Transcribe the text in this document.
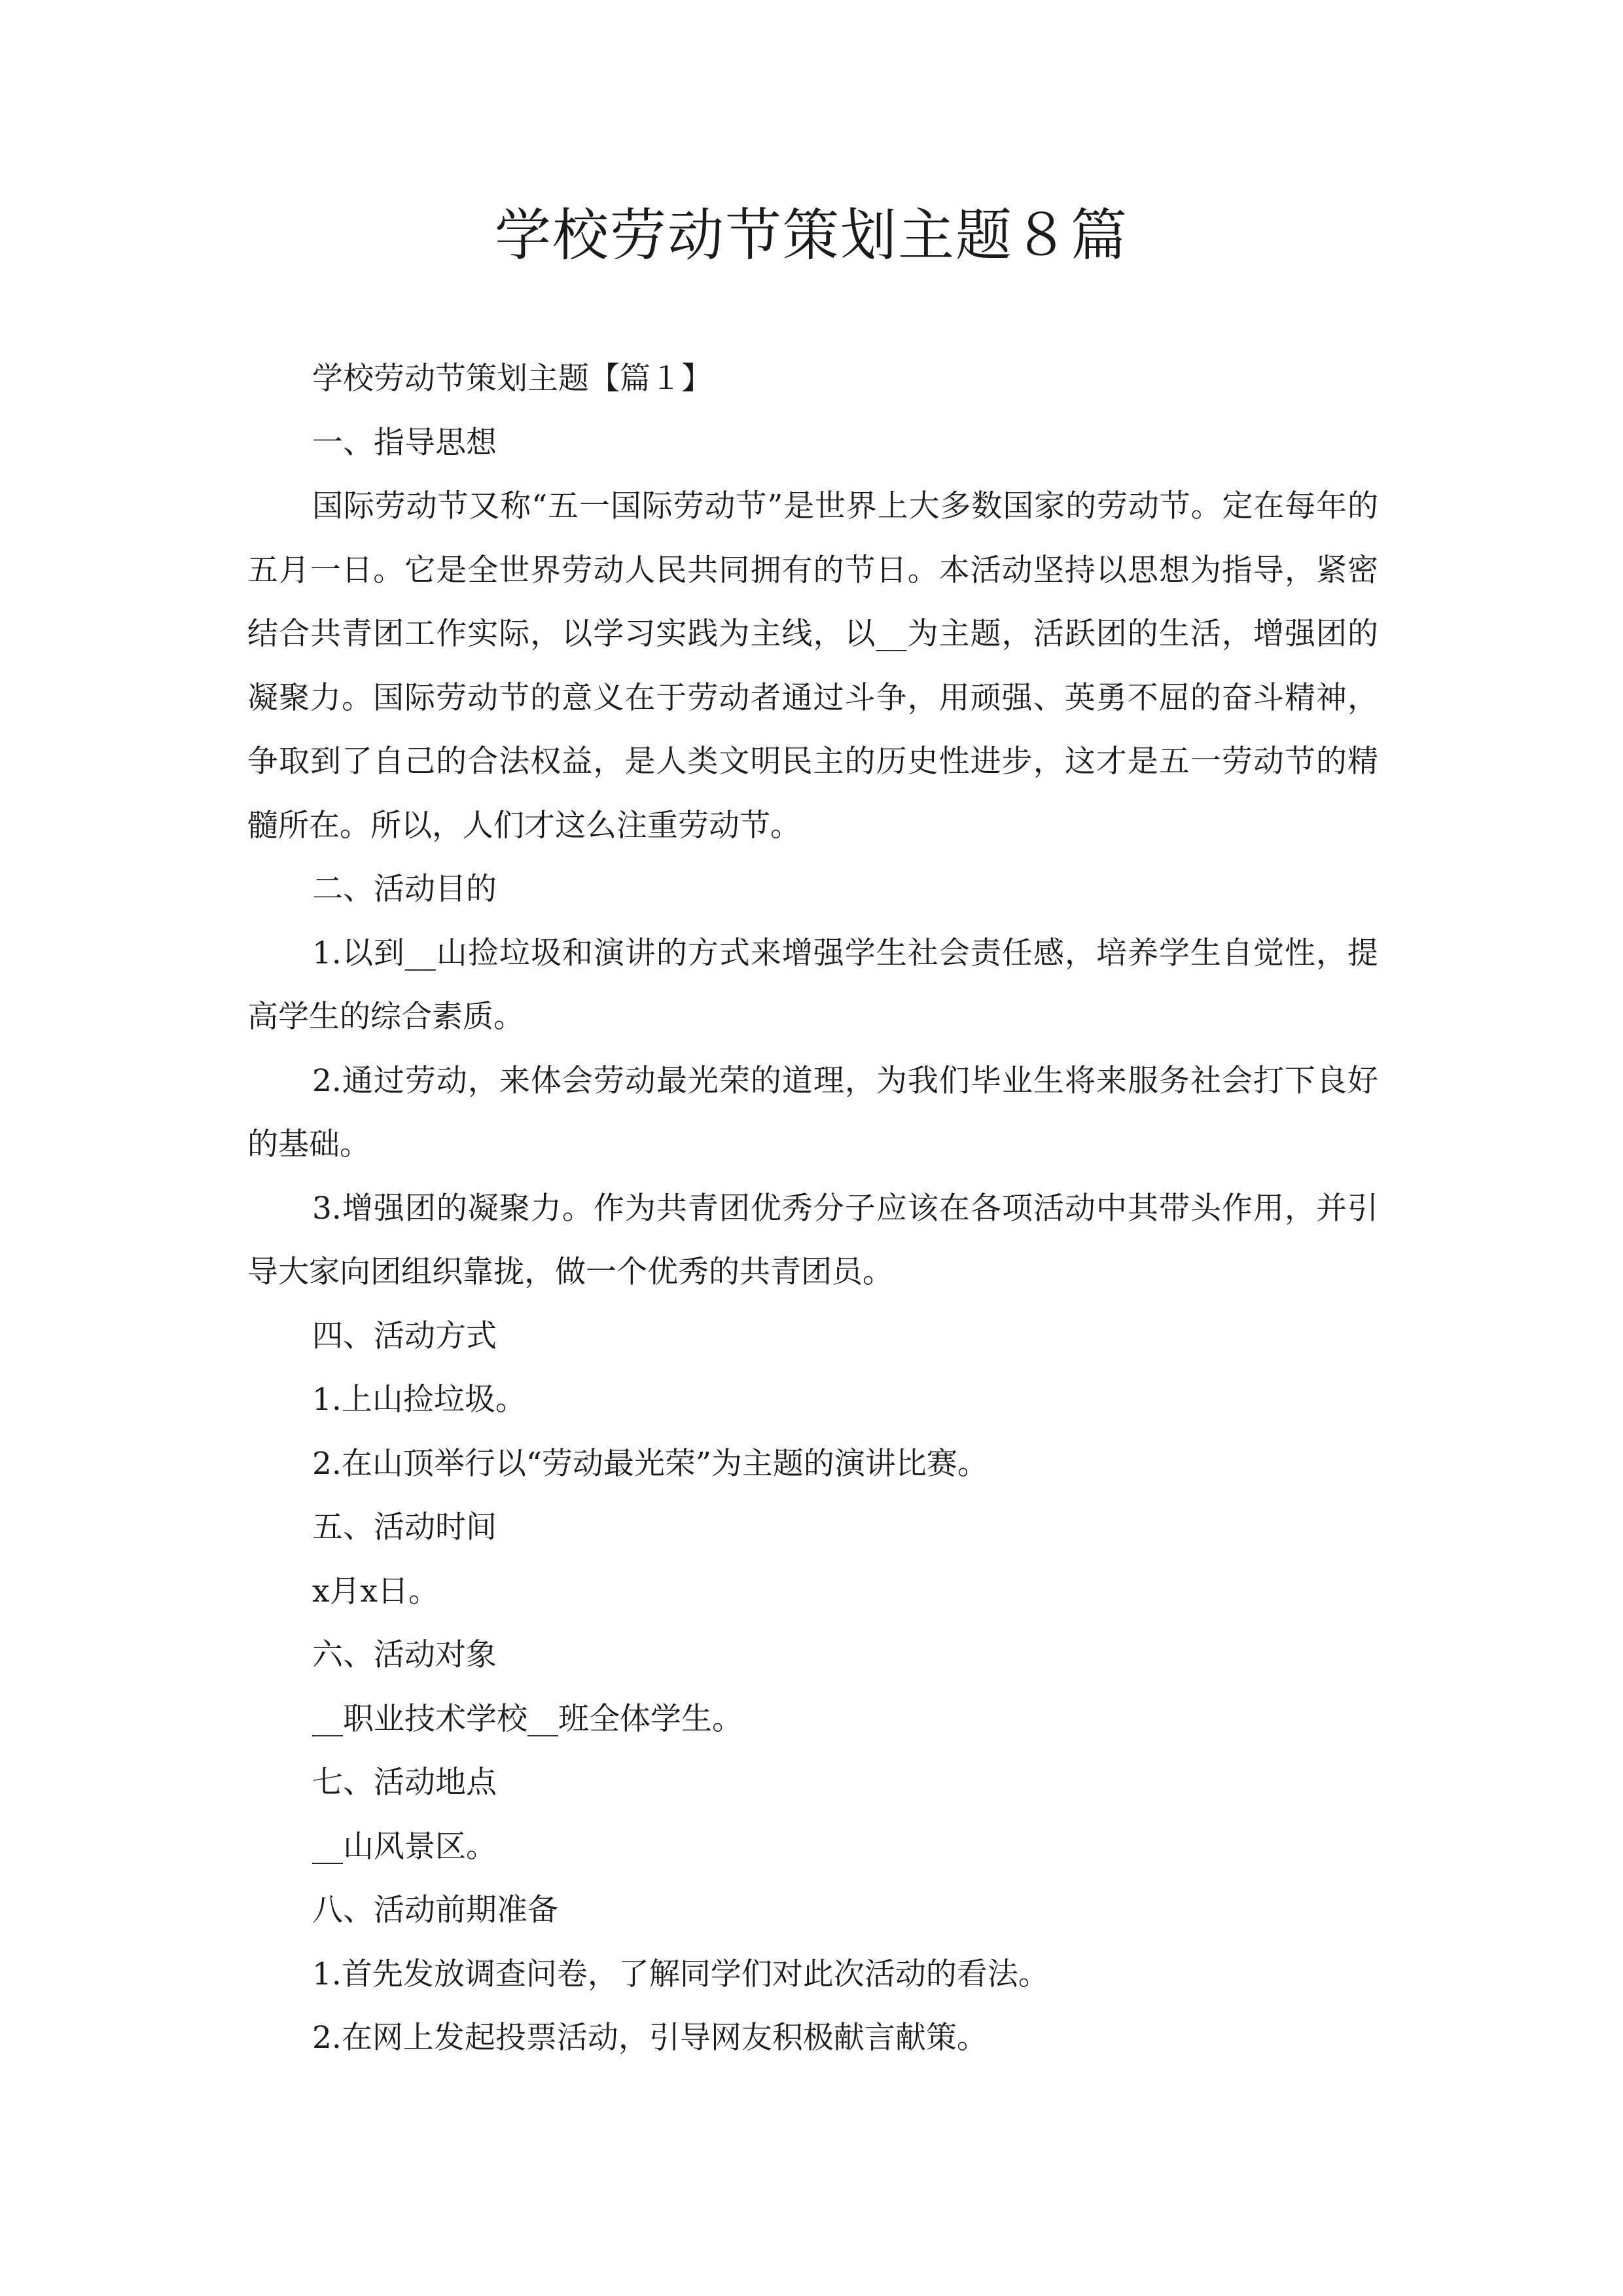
学校劳动节策划主题８篇

学校劳动节策划主题【篇１】

一、指导思想

国际劳动节又称“五一国际劳动节”是世界上大多数国家的劳动节。定在每年的五月一日。它是全世界劳动人民共同拥有的节日。本活动坚持以思想为指导，紧密结合共青团工作实际，以学习实践为主线，以__为主题，活跃团的生活，增强团的凝聚力。国际劳动节的意义在于劳动者通过斗争，用顽强、英勇不屈的奋斗精神，争取到了自己的合法权益，是人类文明民主的历史性进步，这才是五一劳动节的精髓所在。所以，人们才这么注重劳动节。

二、活动目的

1.以到__山捡垃圾和演讲的方式来增强学生社会责任感，培养学生自觉性，提高学生的综合素质。

2.通过劳动，来体会劳动最光荣的道理，为我们毕业生将来服务社会打下良好的基础。

3.增强团的凝聚力。作为共青团优秀分子应该在各项活动中其带头作用，并引导大家向团组织靠拢，做一个优秀的共青团员。

四、活动方式

1.上山捡垃圾。

2.在山顶举行以“劳动最光荣”为主题的演讲比赛。

五、活动时间

x月x日。

六、活动对象

__职业技术学校__班全体学生。

七、活动地点

__山风景区。

八、活动前期准备

1.首先发放调查问卷，了解同学们对此次活动的看法。

2.在网上发起投票活动，引导网友积极献言献策。
